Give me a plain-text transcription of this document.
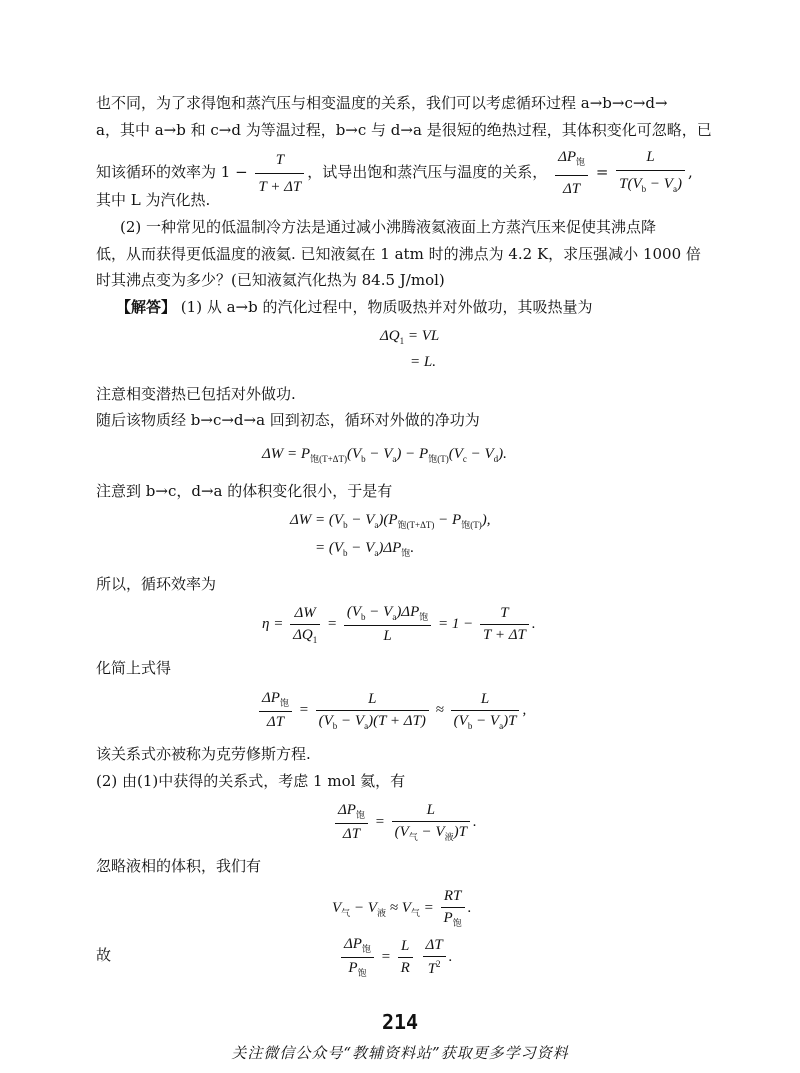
也不同，为了求得饱和蒸汽压与相变温度的关系，我们可以考虑循环过程 a→b→c→d→
a，其中 a→b 和 c→d 为等温过程，b→c 与 d→a 是很短的绝热过程，其体积变化可忽略，已
知该循环的效率为 $1 - \frac{T}{T + \Delta T}$ ，试导出饱和蒸汽压与温度的关系， $\frac{\Delta P_饱}{\Delta T} = \frac{L}{T(V_b - V_a)}$ ,
其中 L 为汽化热.
(2) 一种常见的低温制冷方法是通过减小沸腾液氦液面上方蒸汽压来促使其沸点降
低，从而获得更低温度的液氦. 已知液氦在 1 atm 时的沸点为 4.2 K，求压强减小 1000 倍
时其沸点变为多少？(已知液氦汽化热为 84.5 J/mol)
【解答】 (1) 从 a→b 的汽化过程中，物质吸热并对外做功，其吸热量为
$\Delta Q_1$ = VL
= L.
注意相变潜热已包括对外做功.
随后该物质经 b→c→d→a 回到初态，循环对外做的净功为
$\Delta W = P_{饱(T+\Delta T)}(V_b - V_a) - P_{饱(T)}(V_c - V_d)$.
注意到 b→c，d→a 的体积变化很小，于是有
$\Delta W = (V_b - V_a)(P_{饱(T+\Delta T)} - P_{饱(T)})$,
= $(V_b - V_a)\Delta P_饱$.
所以，循环效率为
$\eta = \frac{\Delta W}{\Delta Q_1} = \frac{(V_b - V_a)\Delta P_饱}{L} = 1 - \frac{T}{T + \Delta T}$ .
化简上式得
$\frac{\Delta P_饱}{\Delta T} = \frac{L}{(V_b - V_a)(T + \Delta T)} \approx \frac{L}{(V_b - V_a)T}$ ,
该关系式亦被称为克劳修斯方程.
(2) 由(1)中获得的关系式，考虑 1 mol 氦，有
$\frac{\Delta P_饱}{\Delta T} = \frac{L}{(V_气 - V_液)T}$ .
忽略液相的体积，我们有
$V_气 - V_液 \approx V_气 = \frac{RT}{P_饱}$ .
故	$\frac{\Delta P_饱}{P_饱} = \frac{L}{R}$
$\frac{\Delta T}{T^2}$ .
214
关注微信公众号“教辅资料站”获取更多学习资料
